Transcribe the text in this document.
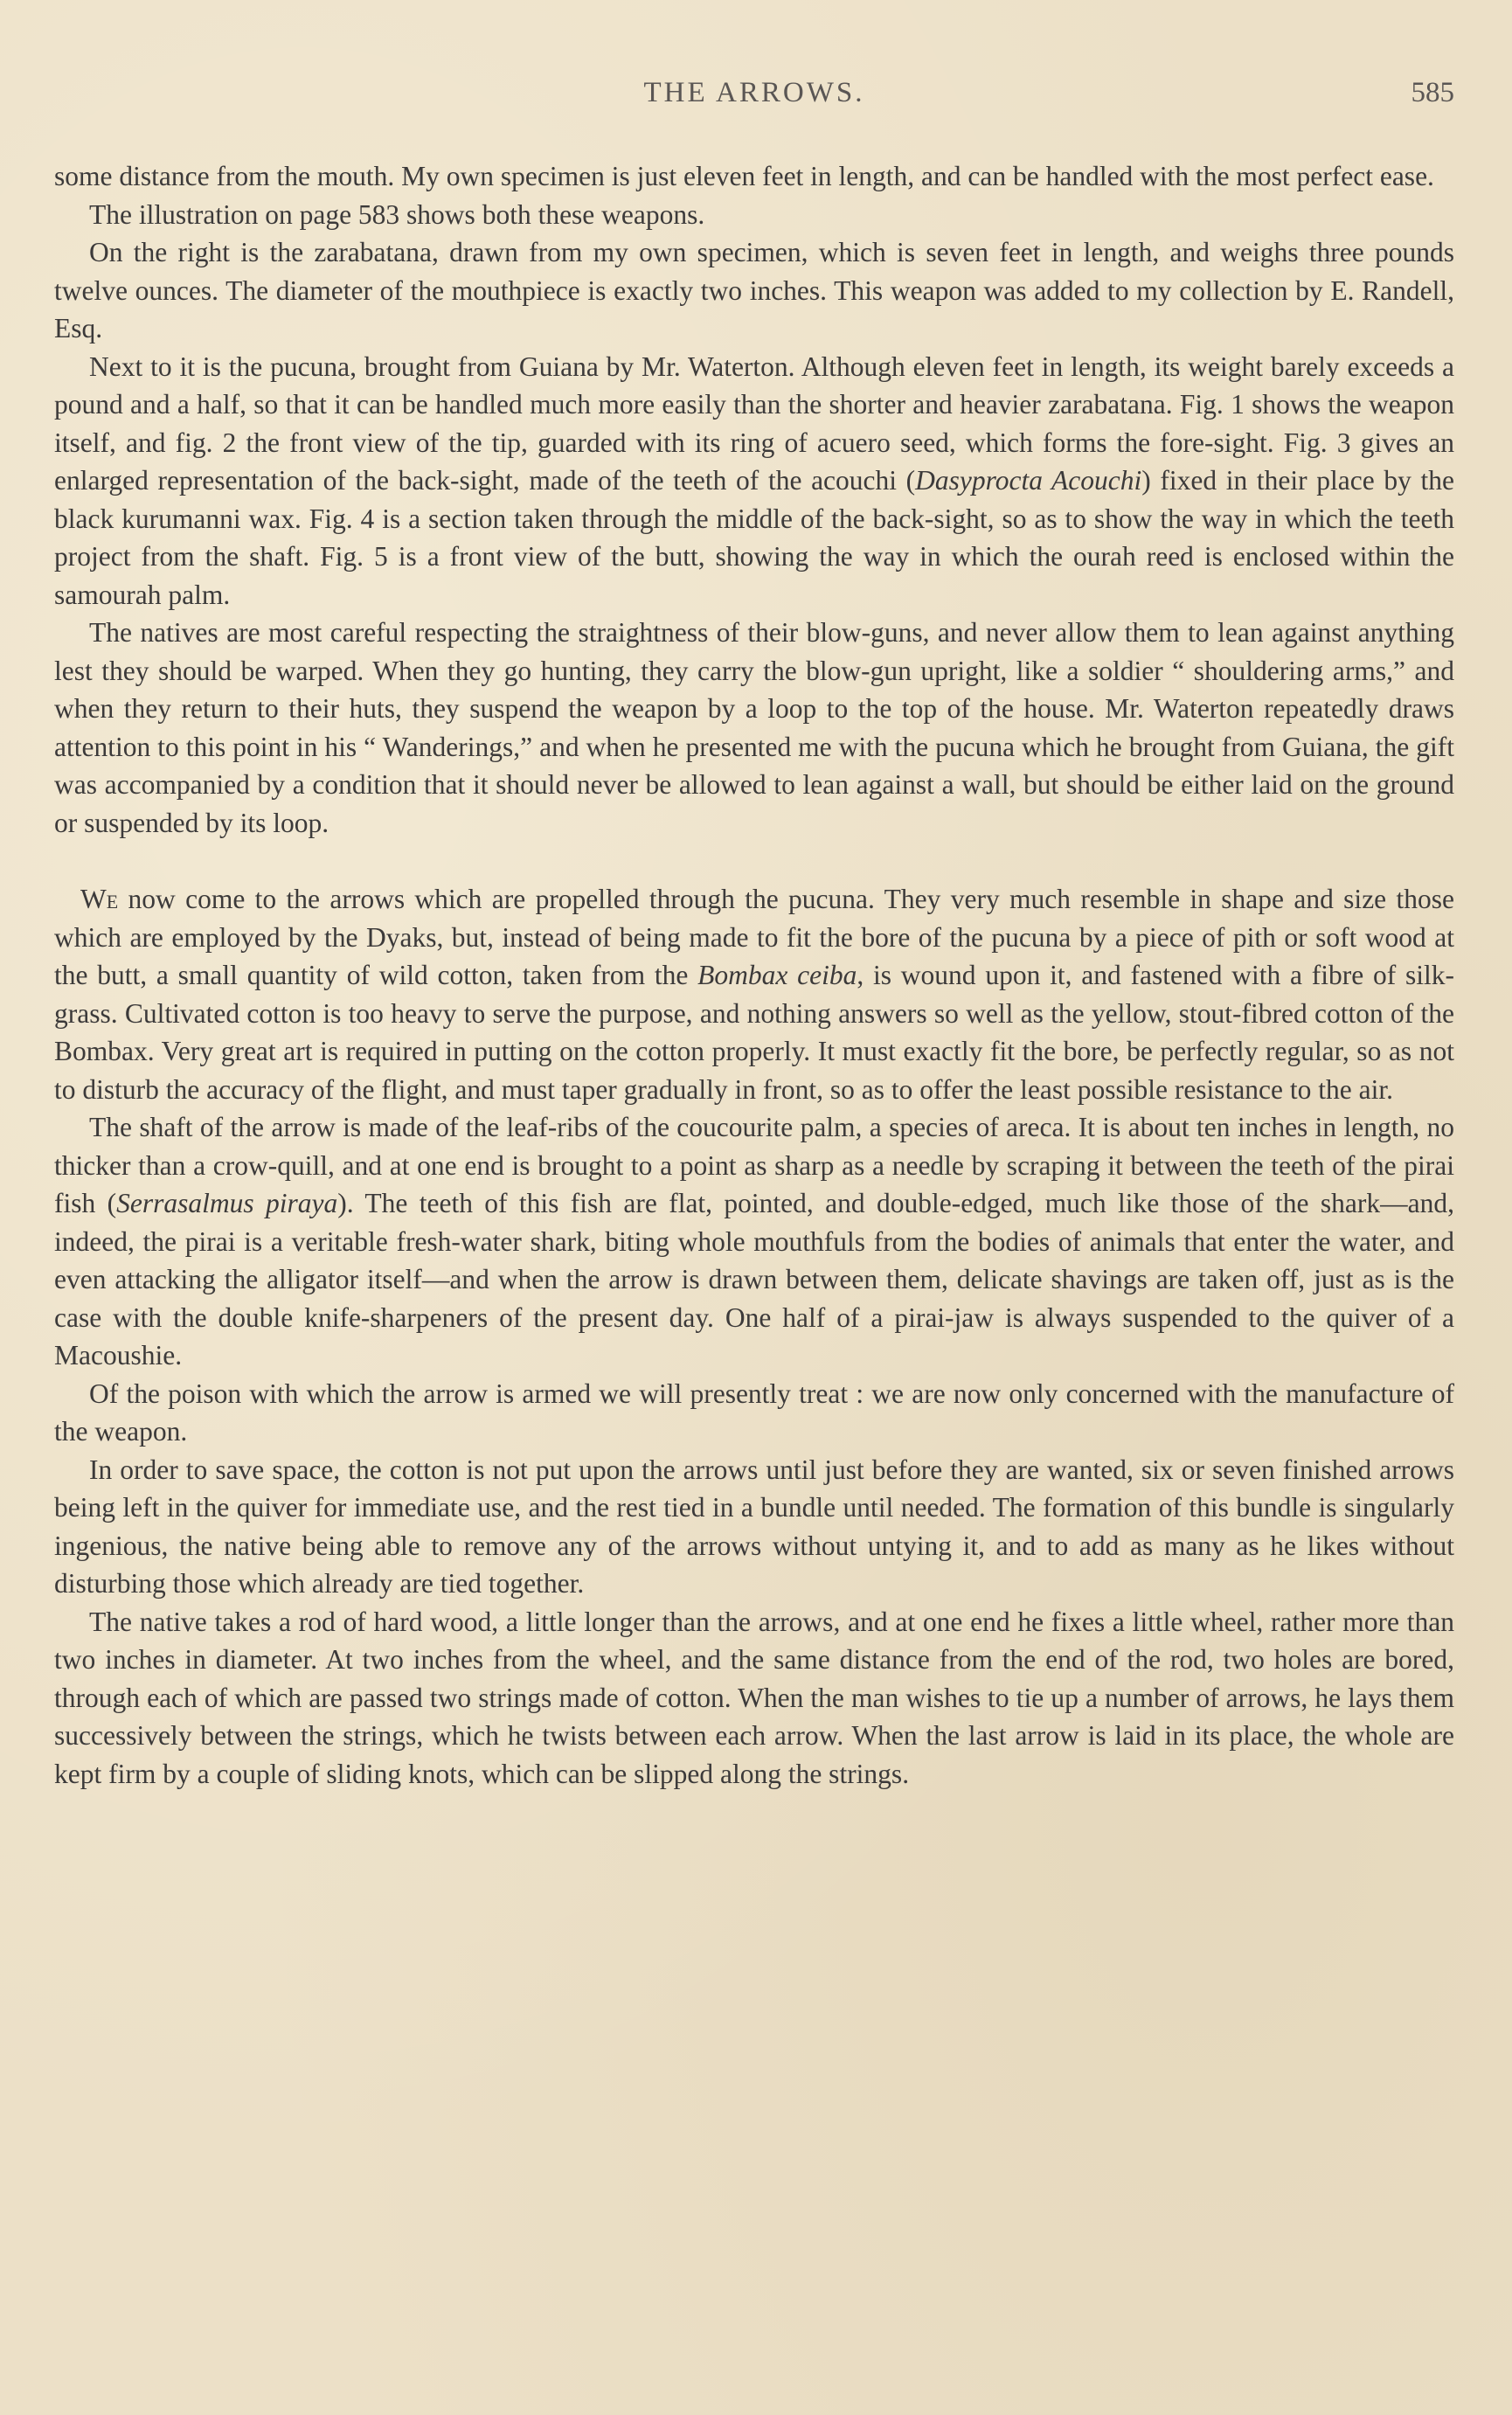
THE ARROWS.	585

some distance from the mouth. My own specimen is just eleven feet in length, and can be handled with the most perfect ease.

The illustration on page 583 shows both these weapons.

On the right is the zarabatana, drawn from my own specimen, which is seven feet in length, and weighs three pounds twelve ounces. The diameter of the mouthpiece is exactly two inches. This weapon was added to my collection by E. Randell, Esq.

Next to it is the pucuna, brought from Guiana by Mr. Waterton. Although eleven feet in length, its weight barely exceeds a pound and a half, so that it can be handled much more easily than the shorter and heavier zarabatana. Fig. 1 shows the weapon itself, and fig. 2 the front view of the tip, guarded with its ring of acuero seed, which forms the fore-sight. Fig. 3 gives an enlarged representation of the back-sight, made of the teeth of the acouchi (Dasyprocta Acouchi) fixed in their place by the black kurumanni wax. Fig. 4 is a section taken through the middle of the back-sight, so as to show the way in which the teeth project from the shaft. Fig. 5 is a front view of the butt, showing the way in which the ourah reed is enclosed within the samourah palm.

The natives are most careful respecting the straightness of their blow-guns, and never allow them to lean against anything lest they should be warped. When they go hunting, they carry the blow-gun upright, like a soldier “ shouldering arms,” and when they return to their huts, they suspend the weapon by a loop to the top of the house. Mr. Waterton repeatedly draws attention to this point in his “ Wanderings,” and when he presented me with the pucuna which he brought from Guiana, the gift was accompanied by a condition that it should never be allowed to lean against a wall, but should be either laid on the ground or suspended by its loop.

We now come to the arrows which are propelled through the pucuna. They very much resemble in shape and size those which are employed by the Dyaks, but, instead of being made to fit the bore of the pucuna by a piece of pith or soft wood at the butt, a small quantity of wild cotton, taken from the Bombax ceiba, is wound upon it, and fastened with a fibre of silk-grass. Cultivated cotton is too heavy to serve the purpose, and nothing answers so well as the yellow, stout-fibred cotton of the Bombax. Very great art is required in putting on the cotton properly. It must exactly fit the bore, be perfectly regular, so as not to disturb the accuracy of the flight, and must taper gradually in front, so as to offer the least possible resistance to the air.

The shaft of the arrow is made of the leaf-ribs of the coucourite palm, a species of areca. It is about ten inches in length, no thicker than a crow-quill, and at one end is brought to a point as sharp as a needle by scraping it between the teeth of the pirai fish (Serrasalmus piraya). The teeth of this fish are flat, pointed, and double-edged, much like those of the shark—and, indeed, the pirai is a veritable fresh-water shark, biting whole mouthfuls from the bodies of animals that enter the water, and even attacking the alligator itself—and when the arrow is drawn between them, delicate shavings are taken off, just as is the case with the double knife-sharpeners of the present day. One half of a pirai-jaw is always suspended to the quiver of a Macoushie.

Of the poison with which the arrow is armed we will presently treat : we are now only concerned with the manufacture of the weapon.

In order to save space, the cotton is not put upon the arrows until just before they are wanted, six or seven finished arrows being left in the quiver for immediate use, and the rest tied in a bundle until needed. The formation of this bundle is singularly ingenious, the native being able to remove any of the arrows without untying it, and to add as many as he likes without disturbing those which already are tied together.

The native takes a rod of hard wood, a little longer than the arrows, and at one end he fixes a little wheel, rather more than two inches in diameter. At two inches from the wheel, and the same distance from the end of the rod, two holes are bored, through each of which are passed two strings made of cotton. When the man wishes to tie up a number of arrows, he lays them successively between the strings, which he twists between each arrow. When the last arrow is laid in its place, the whole are kept firm by a couple of sliding knots, which can be slipped along the strings.
